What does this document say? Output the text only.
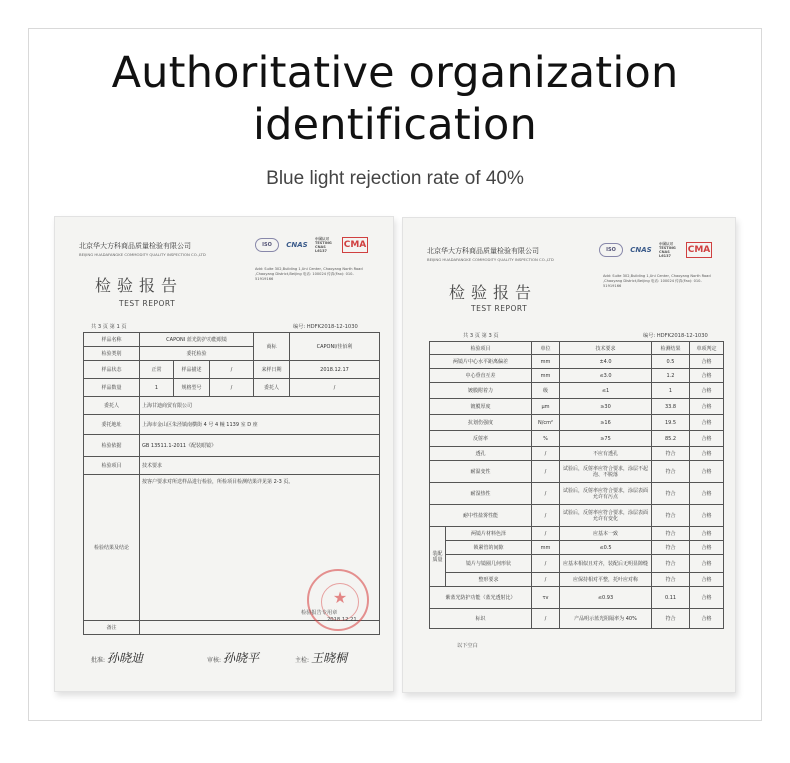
Authoritative organization
identification
Blue light rejection rate of 40%
北京华大方科商品质量检验有限公司
BEIJING HUADAFANGKE COMMODITY QUALITY INSPECTION CO.,LTD
ISO	CNAS
中国认可 TESTING CNAS L6137
CMA
Add: Suite 302,Building 1,Uni Center, Chaoyang North Road ,Chaoyang District,Beijing 电话: 100024 传真(Fax): 010-51919166
检验报告
TEST REPORT
共 3 页 第 1 页	编号: HDFK2018-12-1030
样品名称	CAPONI 蓝光防护功能眼镜			商标	CAPONI/佳佰利
检验类别	委托检验				
样品状态	正常	样品描述	/	来样日期	2018.12.17
样品数量	1	规格型号	/	委托人	/
委托人	上海甘迪商贸有限公司				
委托地址	上海市金山区朱泾镇南横街 4 号 4 幢 1139 室 D 座				
检验依据	GB 13511.1-2011《配装眼镜》				
检验项目	技术要求				
检验结果及结论	按客户要求对所送样品进行检验，所检项目检测结果详见第 2-3 页。				
备注					
★
检验报告专用章
2018.12.21
批准: 孙晓迪	审核: 孙晓平	主检: 王晓桐
北京华大方科商品质量检验有限公司
BEIJING HUADAFANGKE COMMODITY QUALITY INSPECTION CO.,LTD
ISO	CNAS
中国认可 TESTING CNAS L6137
CMA
Add: Suite 302,Building 1,Uni Center, Chaoyang North Road ,Chaoyang District,Beijing 电话: 100024 传真(Fax): 010-51919166
检验报告
TEST REPORT
共 3 页 第 3 页	编号: HDFK2018-12-1030
检验项目		单位	技术要求	检测结果	单项判定
两镜片中心水平距离偏差		mm	±4.0	0.5	合格
中心垂直互差		mm	≤3.0	1.2	合格
镀膜附着力		级	≤1	1	合格
镀膜厚度		μm	≥30	33.8	合格
抗划伤强度		N/cm²	≥16	19.5	合格
反射率		%	≥75	85.2	合格
透孔		/	不应有透孔	符合	合格
耐温变性		/	试验后，反射率应符合要求，涂层不起泡、不脱落	符合	合格
耐湿热性		/	试验后，反射率应符合要求，涂层表面允许有污点	符合	合格
耐中性盐雾性能		/	试验后，反射率应符合要求，涂层表面允许有变化	符合	合格
装配质量	两镜片材料色泽	/	应基本一致	符合	合格
	锁紧管的间隙	mm	≤0.5	符合	合格
	镜片与镜圈几何形状	/	应基本相似且对齐，装配后无明显隙缝	符合	合格
	整形要求	/	应保持相对平整，托叶应对称	符合	合格
紫蓝光防护功能（蓝光透射比）		τv	≤0.93	0.11	合格
标识		/	产品明示蓝光阻隔率为 40%	符合	合格
以下空白
